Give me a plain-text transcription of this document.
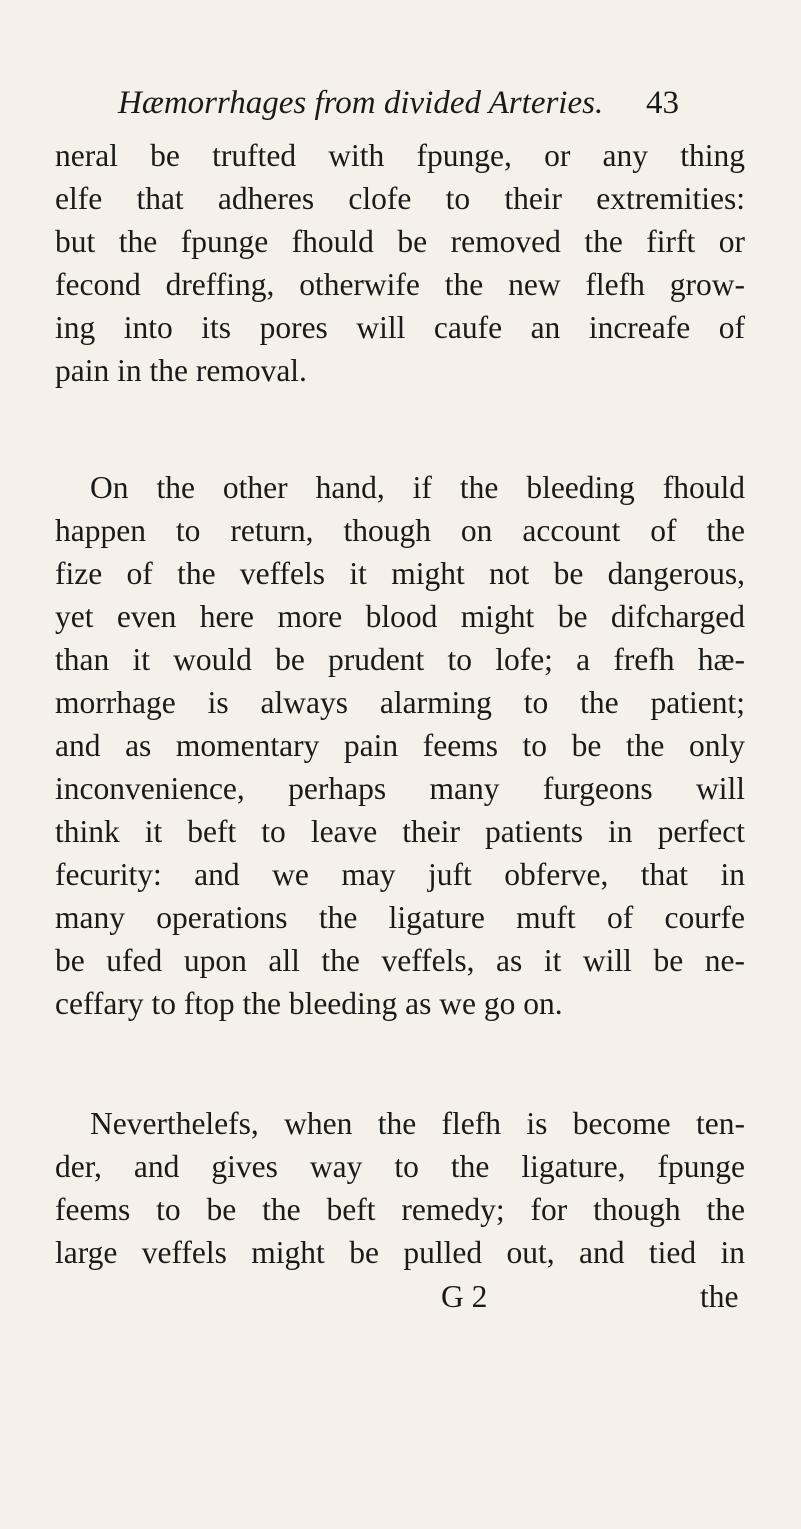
Hæmorrhages from divided Arteries.	43
neral be trufted with fpunge, or any thing
elfe that adheres clofe to their extremities:
but the fpunge fhould be removed the firft or
fecond dreffing, otherwife the new flefh grow-
ing into its pores will caufe an increafe of
pain in the removal.
On the other hand, if the bleeding fhould
happen to return, though on account of the
fize of the veffels it might not be dangerous,
yet even here more blood might be difcharged
than it would be prudent to lofe; a frefh hæ-
morrhage is always alarming to the patient;
and as momentary pain feems to be the only
inconvenience, perhaps many furgeons will
think it beft to leave their patients in perfect
fecurity: and we may juft obferve, that in
many operations the ligature muft of courfe
be ufed upon all the veffels, as it will be ne-
ceffary to ftop the bleeding as we go on.
Neverthelefs, when the flefh is become ten-
der, and gives way to the ligature, fpunge
feems to be the beft remedy; for though the
large veffels might be pulled out, and tied in
G 2	the
